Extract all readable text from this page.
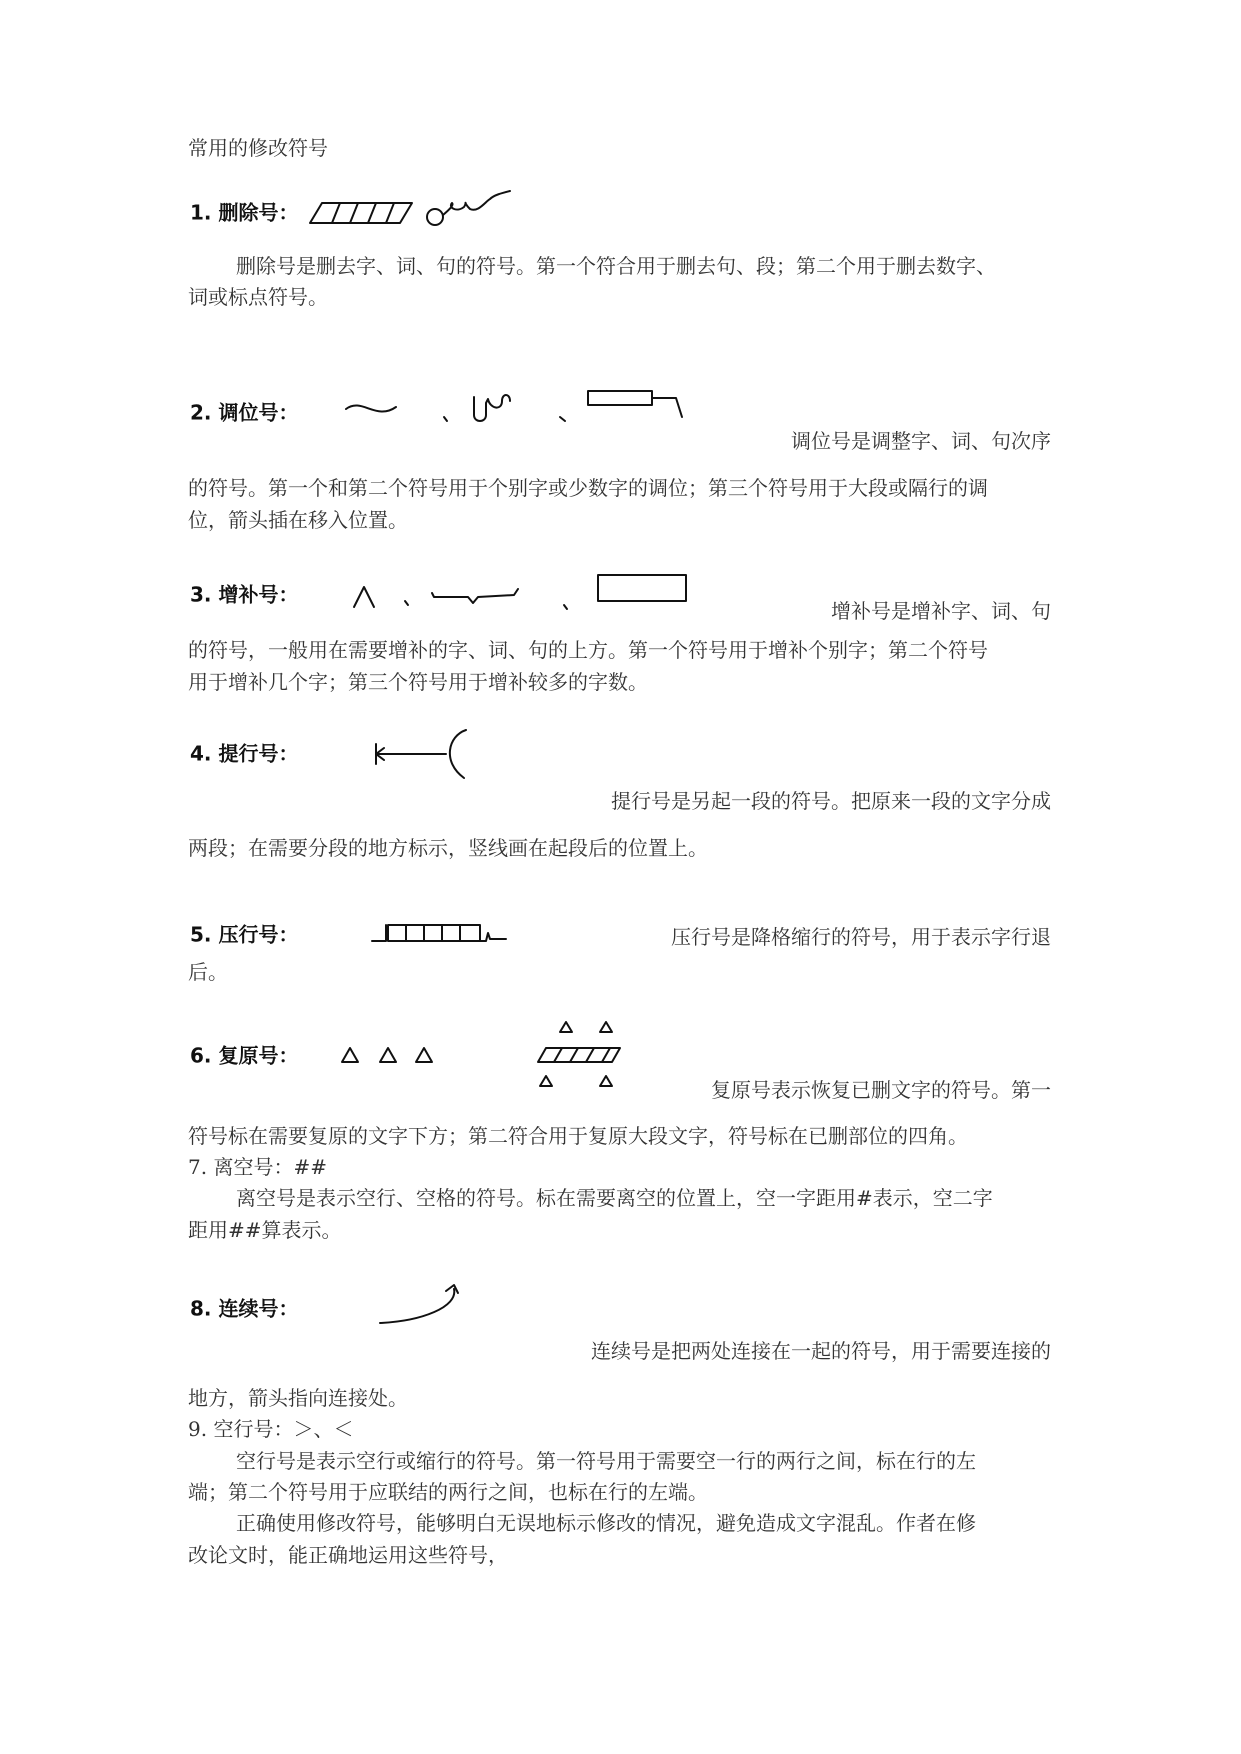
常用的修改符号
1. 删除号：
删除号是删去字、词、句的符号。第一个符合用于删去句、段；第二个用于删去数字、
词或标点符号。
2. 调位号：
调位号是调整字、词、句次序
的符号。第一个和第二个符号用于个别字或少数字的调位；第三个符号用于大段或隔行的调
位，箭头插在移入位置。
3. 增补号：
增补号是增补字、词、句
的符号，一般用在需要增补的字、词、句的上方。第一个符号用于增补个别字；第二个符号
用于增补几个字；第三个符号用于增补较多的字数。
4. 提行号：
提行号是另起一段的符号。把原来一段的文字分成
两段；在需要分段的地方标示，竖线画在起段后的位置上。
5. 压行号：	压行号是降格缩行的符号，用于表示字行退
后。
6. 复原号：
复原号表示恢复已删文字的符号。第一
符号标在需要复原的文字下方；第二符合用于复原大段文字，符号标在已删部位的四角。
7. 离空号：##
离空号是表示空行、空格的符号。标在需要离空的位置上，空一字距用#表示，空二字
距用##算表示。
8. 连续号：
连续号是把两处连接在一起的符号，用于需要连接的
地方，箭头指向连接处。
9. 空行号：＞、＜
空行号是表示空行或缩行的符号。第一符号用于需要空一行的两行之间，标在行的左
端；第二个符号用于应联结的两行之间，也标在行的左端。
正确使用修改符号，能够明白无误地标示修改的情况，避免造成文字混乱。作者在修
改论文时，能正确地运用这些符号，
